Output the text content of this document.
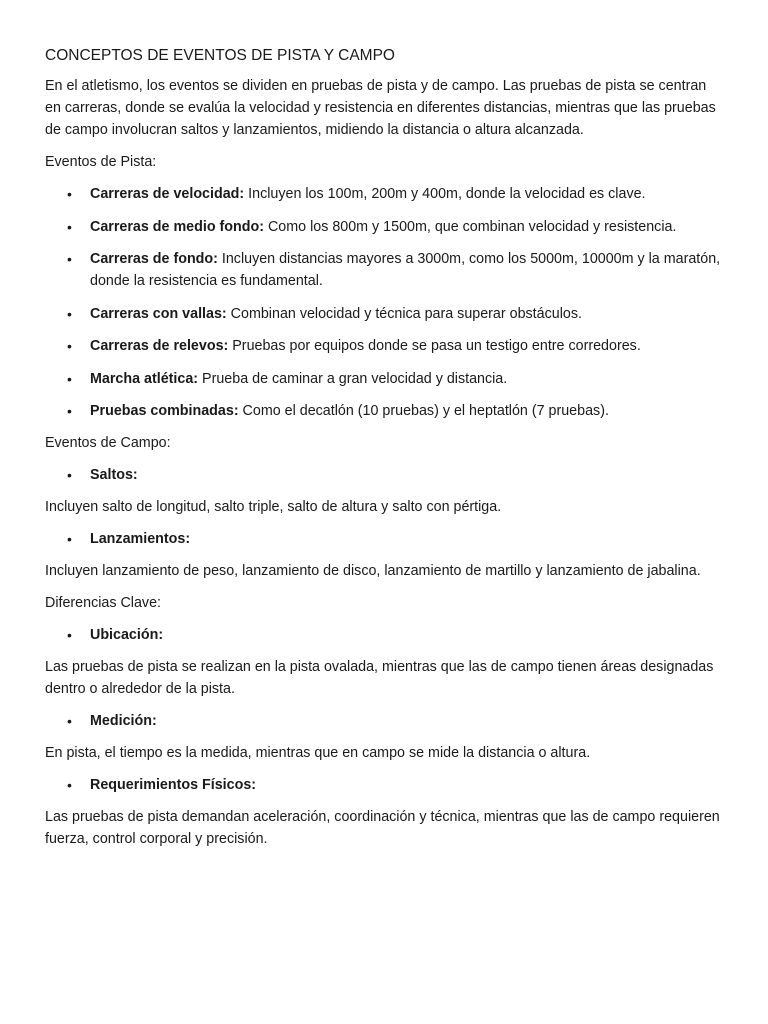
CONCEPTOS DE EVENTOS DE PISTA Y CAMPO

En el atletismo, los eventos se dividen en pruebas de pista y de campo. Las pruebas de pista se centran en carreras, donde se evalúa la velocidad y resistencia en diferentes distancias, mientras que las pruebas de campo involucran saltos y lanzamientos, midiendo la distancia o altura alcanzada.

Eventos de Pista:

• Carreras de velocidad: Incluyen los 100m, 200m y 400m, donde la velocidad es clave.
• Carreras de medio fondo: Como los 800m y 1500m, que combinan velocidad y resistencia.
• Carreras de fondo: Incluyen distancias mayores a 3000m, como los 5000m, 10000m y la maratón, donde la resistencia es fundamental.
• Carreras con vallas: Combinan velocidad y técnica para superar obstáculos.
• Carreras de relevos: Pruebas por equipos donde se pasa un testigo entre corredores.
• Marcha atlética: Prueba de caminar a gran velocidad y distancia.
• Pruebas combinadas: Como el decatlón (10 pruebas) y el heptatlón (7 pruebas).

Eventos de Campo:

• Saltos:

Incluyen salto de longitud, salto triple, salto de altura y salto con pértiga.

• Lanzamientos:

Incluyen lanzamiento de peso, lanzamiento de disco, lanzamiento de martillo y lanzamiento de jabalina.

Diferencias Clave:

• Ubicación:

Las pruebas de pista se realizan en la pista ovalada, mientras que las de campo tienen áreas designadas dentro o alrededor de la pista.

• Medición:

En pista, el tiempo es la medida, mientras que en campo se mide la distancia o altura.

• Requerimientos Físicos:

Las pruebas de pista demandan aceleración, coordinación y técnica, mientras que las de campo requieren fuerza, control corporal y precisión.
